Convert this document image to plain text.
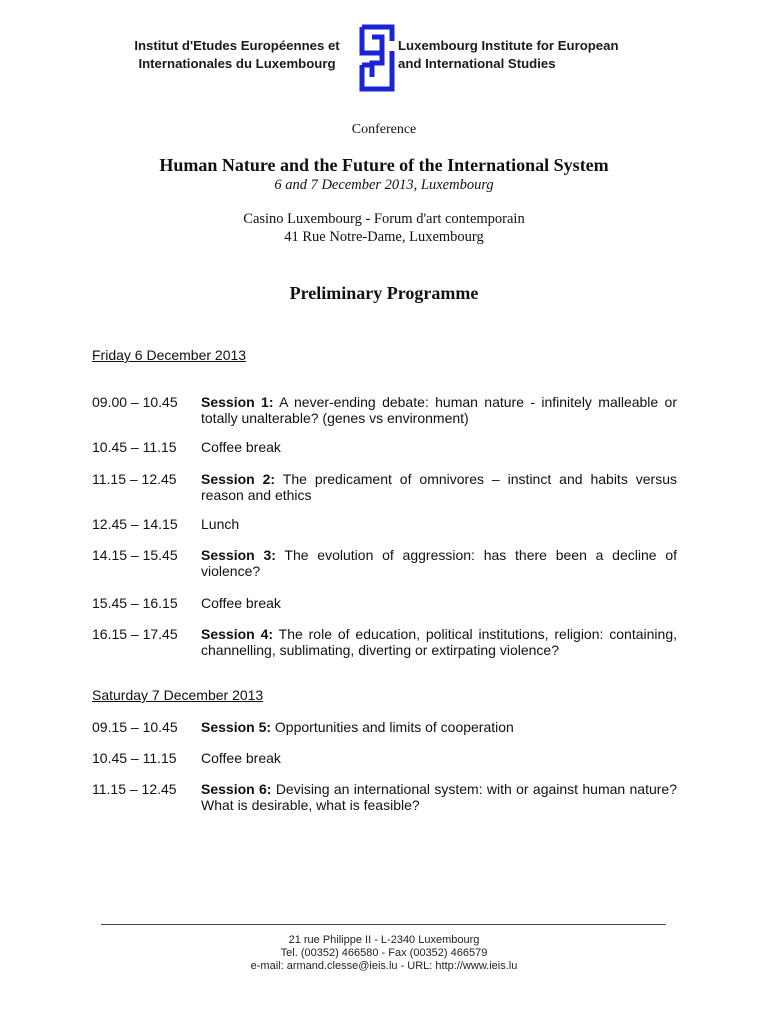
Institut d'Etudes Européennes et
Internationales du Luxembourg
Luxembourg Institute for European
and International Studies
Conference
Human Nature and the Future of the International System
6 and 7 December 2013, Luxembourg
Casino Luxembourg - Forum d'art contemporain
41 Rue Notre-Dame, Luxembourg
Preliminary Programme
Friday 6 December 2013
09.00 – 10.45	Session 1: A never-ending debate: human nature - infinitely malleable or totally unalterable? (genes vs environment)
10.45 – 11.15	Coffee break
11.15 – 12.45	Session 2: The predicament of omnivores – instinct and habits versus reason and ethics
12.45 – 14.15	Lunch
14.15 – 15.45	Session 3: The evolution of aggression: has there been a decline of violence?
15.45 – 16.15	Coffee break
16.15 – 17.45	Session 4: The role of education, political institutions, religion: containing, channelling, sublimating, diverting or extirpating violence?
Saturday 7 December 2013
09.15 – 10.45	Session 5: Opportunities and limits of cooperation
10.45 – 11.15	Coffee break
11.15 – 12.45	Session 6: Devising an international system: with or against human nature? What is desirable, what is feasible?
21 rue Philippe II - L-2340 Luxembourg
Tel. (00352) 466580 - Fax (00352) 466579
e-mail: armand.clesse@ieis.lu - URL: http://www.ieis.lu
